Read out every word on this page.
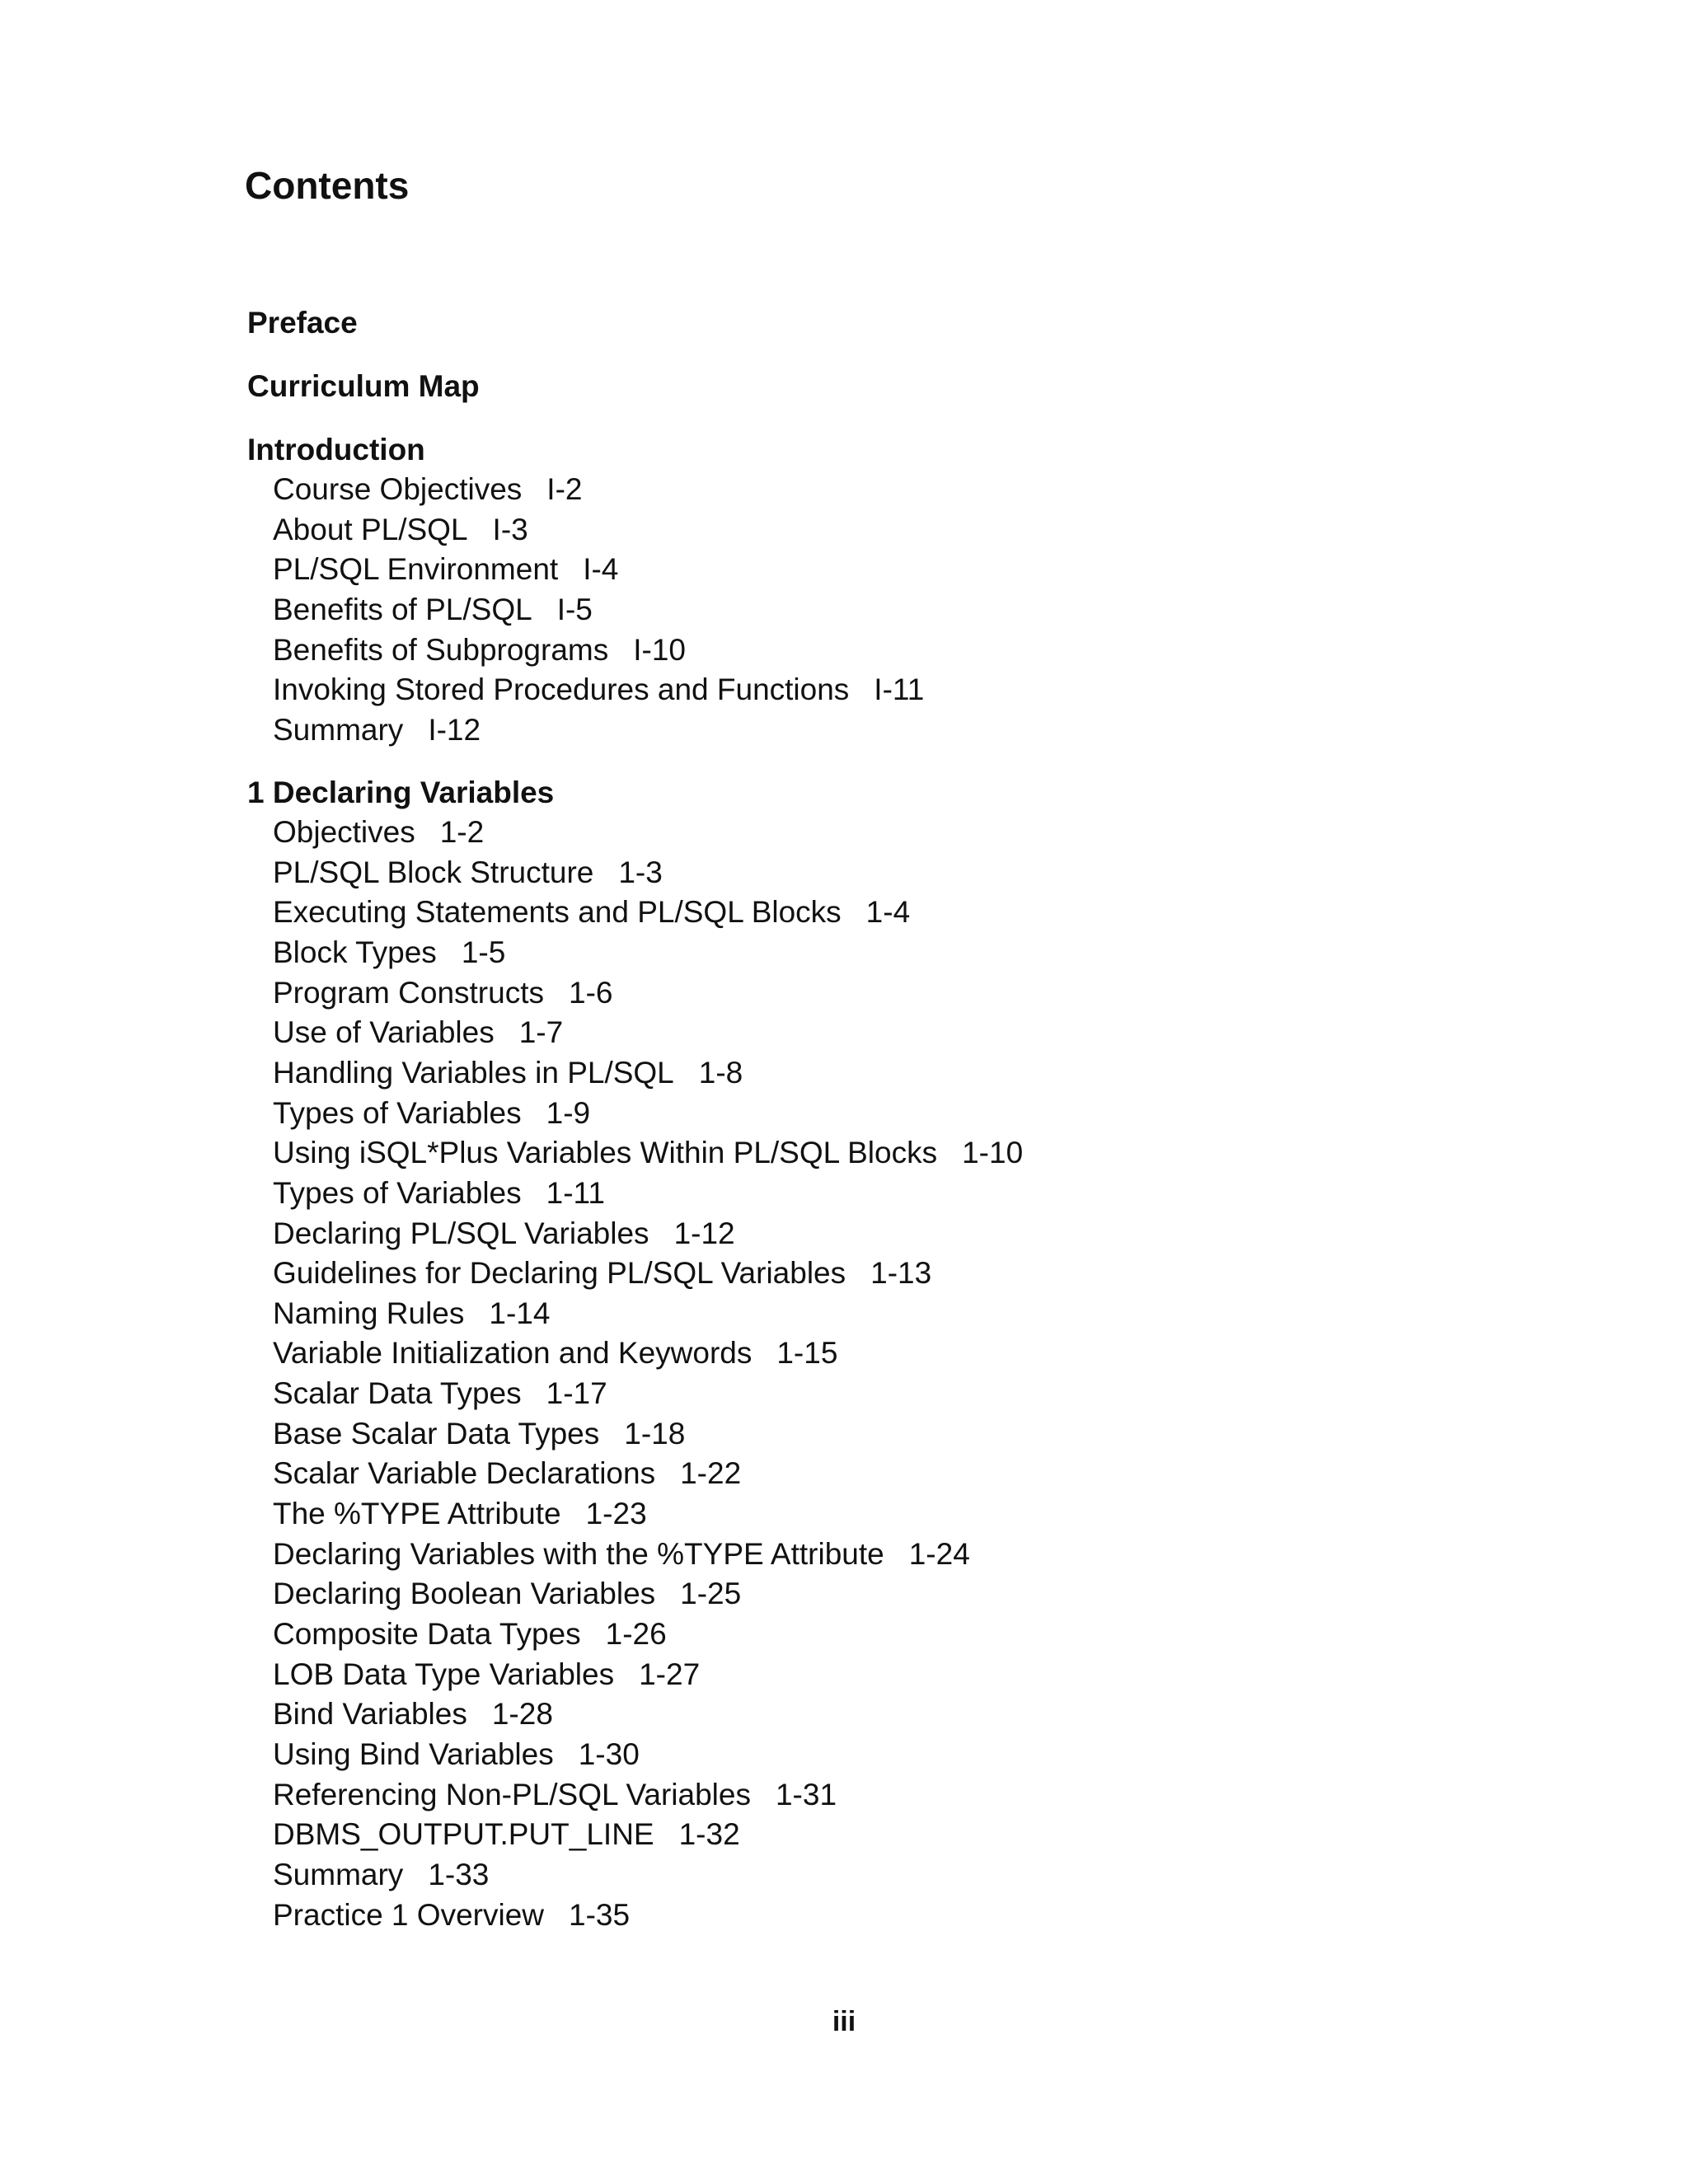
Contents
Preface
Curriculum Map
Introduction
Course Objectives I-2
About PL/SQL I-3
PL/SQL Environment I-4
Benefits of PL/SQL I-5
Benefits of Subprograms I-10
Invoking Stored Procedures and Functions I-11
Summary I-12
1 Declaring Variables
Objectives 1-2
PL/SQL Block Structure 1-3
Executing Statements and PL/SQL Blocks 1-4
Block Types 1-5
Program Constructs 1-6
Use of Variables 1-7
Handling Variables in PL/SQL 1-8
Types of Variables 1-9
Using iSQL*Plus Variables Within PL/SQL Blocks 1-10
Types of Variables 1-11
Declaring PL/SQL Variables 1-12
Guidelines for Declaring PL/SQL Variables 1-13
Naming Rules 1-14
Variable Initialization and Keywords 1-15
Scalar Data Types 1-17
Base Scalar Data Types 1-18
Scalar Variable Declarations 1-22
The %TYPE Attribute 1-23
Declaring Variables with the %TYPE Attribute 1-24
Declaring Boolean Variables 1-25
Composite Data Types 1-26
LOB Data Type Variables 1-27
Bind Variables 1-28
Using Bind Variables 1-30
Referencing Non-PL/SQL Variables 1-31
DBMS_OUTPUT.PUT_LINE 1-32
Summary 1-33
Practice 1 Overview 1-35
iii
